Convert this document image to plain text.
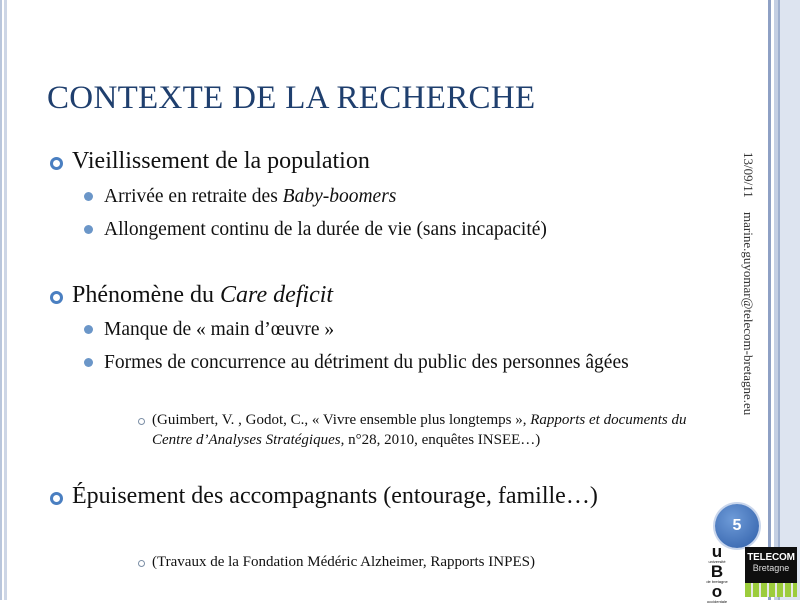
CONTEXTE DE LA RECHERCHE

Vieillissement de la population

Arrivée en retraite des Baby-boomers

Allongement continu de la durée de vie (sans incapacité)

Phénomène du Care deficit

Manque de « main d’œuvre »

Formes de concurrence au détriment du public des personnes âgées

(Guimbert, V. , Godot, C., « Vivre ensemble plus longtemps », Rapports et documents du Centre d’Analyses Stratégiques, n°28, 2010, enquêtes INSEE…)

Épuisement des accompagnants (entourage, famille…)

(Travaux de la Fondation Médéric Alzheimer, Rapports INPES)

13/09/11
marine.guyomar@telecom-bretagne.eu
5
u
université
B
de bretagne
o
occidentale
TELECOM
Bretagne
